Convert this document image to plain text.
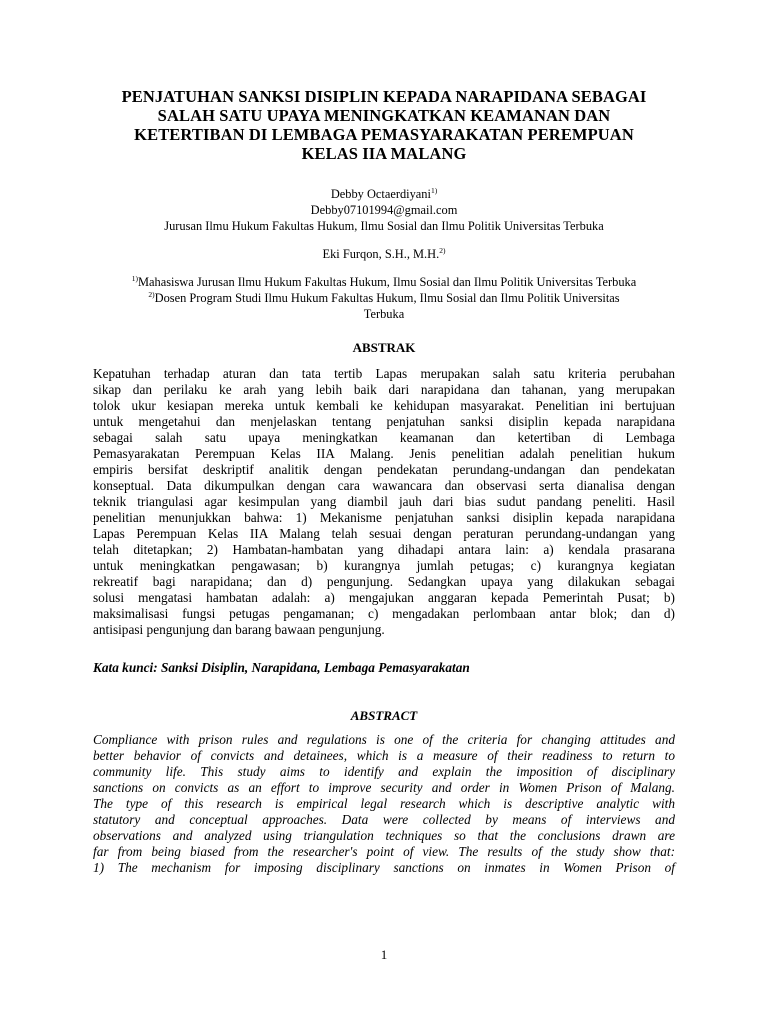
PENJATUHAN SANKSI DISIPLIN KEPADA NARAPIDANA SEBAGAI
SALAH SATU UPAYA MENINGKATKAN KEAMANAN DAN
KETERTIBAN DI LEMBAGA PEMASYARAKATAN PEREMPUAN
KELAS IIA MALANG
Debby Octaerdiyani$^{1)}$
Debby07101994@gmail.com
Jurusan Ilmu Hukum Fakultas Hukum, Ilmu Sosial dan Ilmu Politik Universitas Terbuka
Eki Furqon, S.H., M.H.$^{2)}$
$^{1)}$Mahasiswa Jurusan Ilmu Hukum Fakultas Hukum, Ilmu Sosial dan Ilmu Politik Universitas Terbuka
$^{2)}$Dosen Program Studi Ilmu Hukum Fakultas Hukum, Ilmu Sosial dan Ilmu Politik Universitas
Terbuka

ABSTRAK

Kepatuhan terhadap aturan dan tata tertib Lapas merupakan salah satu kriteria perubahan
sikap dan perilaku ke arah yang lebih baik dari narapidana dan tahanan, yang merupakan
tolok ukur kesiapan mereka untuk kembali ke kehidupan masyarakat. Penelitian ini bertujuan
untuk mengetahui dan menjelaskan tentang penjatuhan sanksi disiplin kepada narapidana
sebagai salah satu upaya meningkatkan keamanan dan ketertiban di Lembaga
Pemasyarakatan Perempuan Kelas IIA Malang. Jenis penelitian adalah penelitian hukum
empiris bersifat deskriptif analitik dengan pendekatan perundang-undangan dan pendekatan
konseptual. Data dikumpulkan dengan cara wawancara dan observasi serta dianalisa dengan
teknik triangulasi agar kesimpulan yang diambil jauh dari bias sudut pandang peneliti. Hasil
penelitian menunjukkan bahwa: 1) Mekanisme penjatuhan sanksi disiplin kepada narapidana
Lapas Perempuan Kelas IIA Malang telah sesuai dengan peraturan perundang-undangan yang
telah ditetapkan; 2) Hambatan-hambatan yang dihadapi antara lain: a) kendala prasarana
untuk meningkatkan pengawasan; b) kurangnya jumlah petugas; c) kurangnya kegiatan
rekreatif bagi narapidana; dan d) pengunjung. Sedangkan upaya yang dilakukan sebagai
solusi mengatasi hambatan adalah: a) mengajukan anggaran kepada Pemerintah Pusat; b)
maksimalisasi fungsi petugas pengamanan; c) mengadakan perlombaan antar blok; dan d)
antisipasi pengunjung dan barang bawaan pengunjung.

Kata kunci: Sanksi Disiplin, Narapidana, Lembaga Pemasyarakatan

ABSTRACT

Compliance with prison rules and regulations is one of the criteria for changing attitudes and
better behavior of convicts and detainees, which is a measure of their readiness to return to
community life. This study aims to identify and explain the imposition of disciplinary
sanctions on convicts as an effort to improve security and order in Women Prison of Malang.
The type of this research is empirical legal research which is descriptive analytic with
statutory and conceptual approaches. Data were collected by means of interviews and
observations and analyzed using triangulation techniques so that the conclusions drawn are
far from being biased from the researcher's point of view. The results of the study show that:
1) The mechanism for imposing disciplinary sanctions on inmates in Women Prison of

1
